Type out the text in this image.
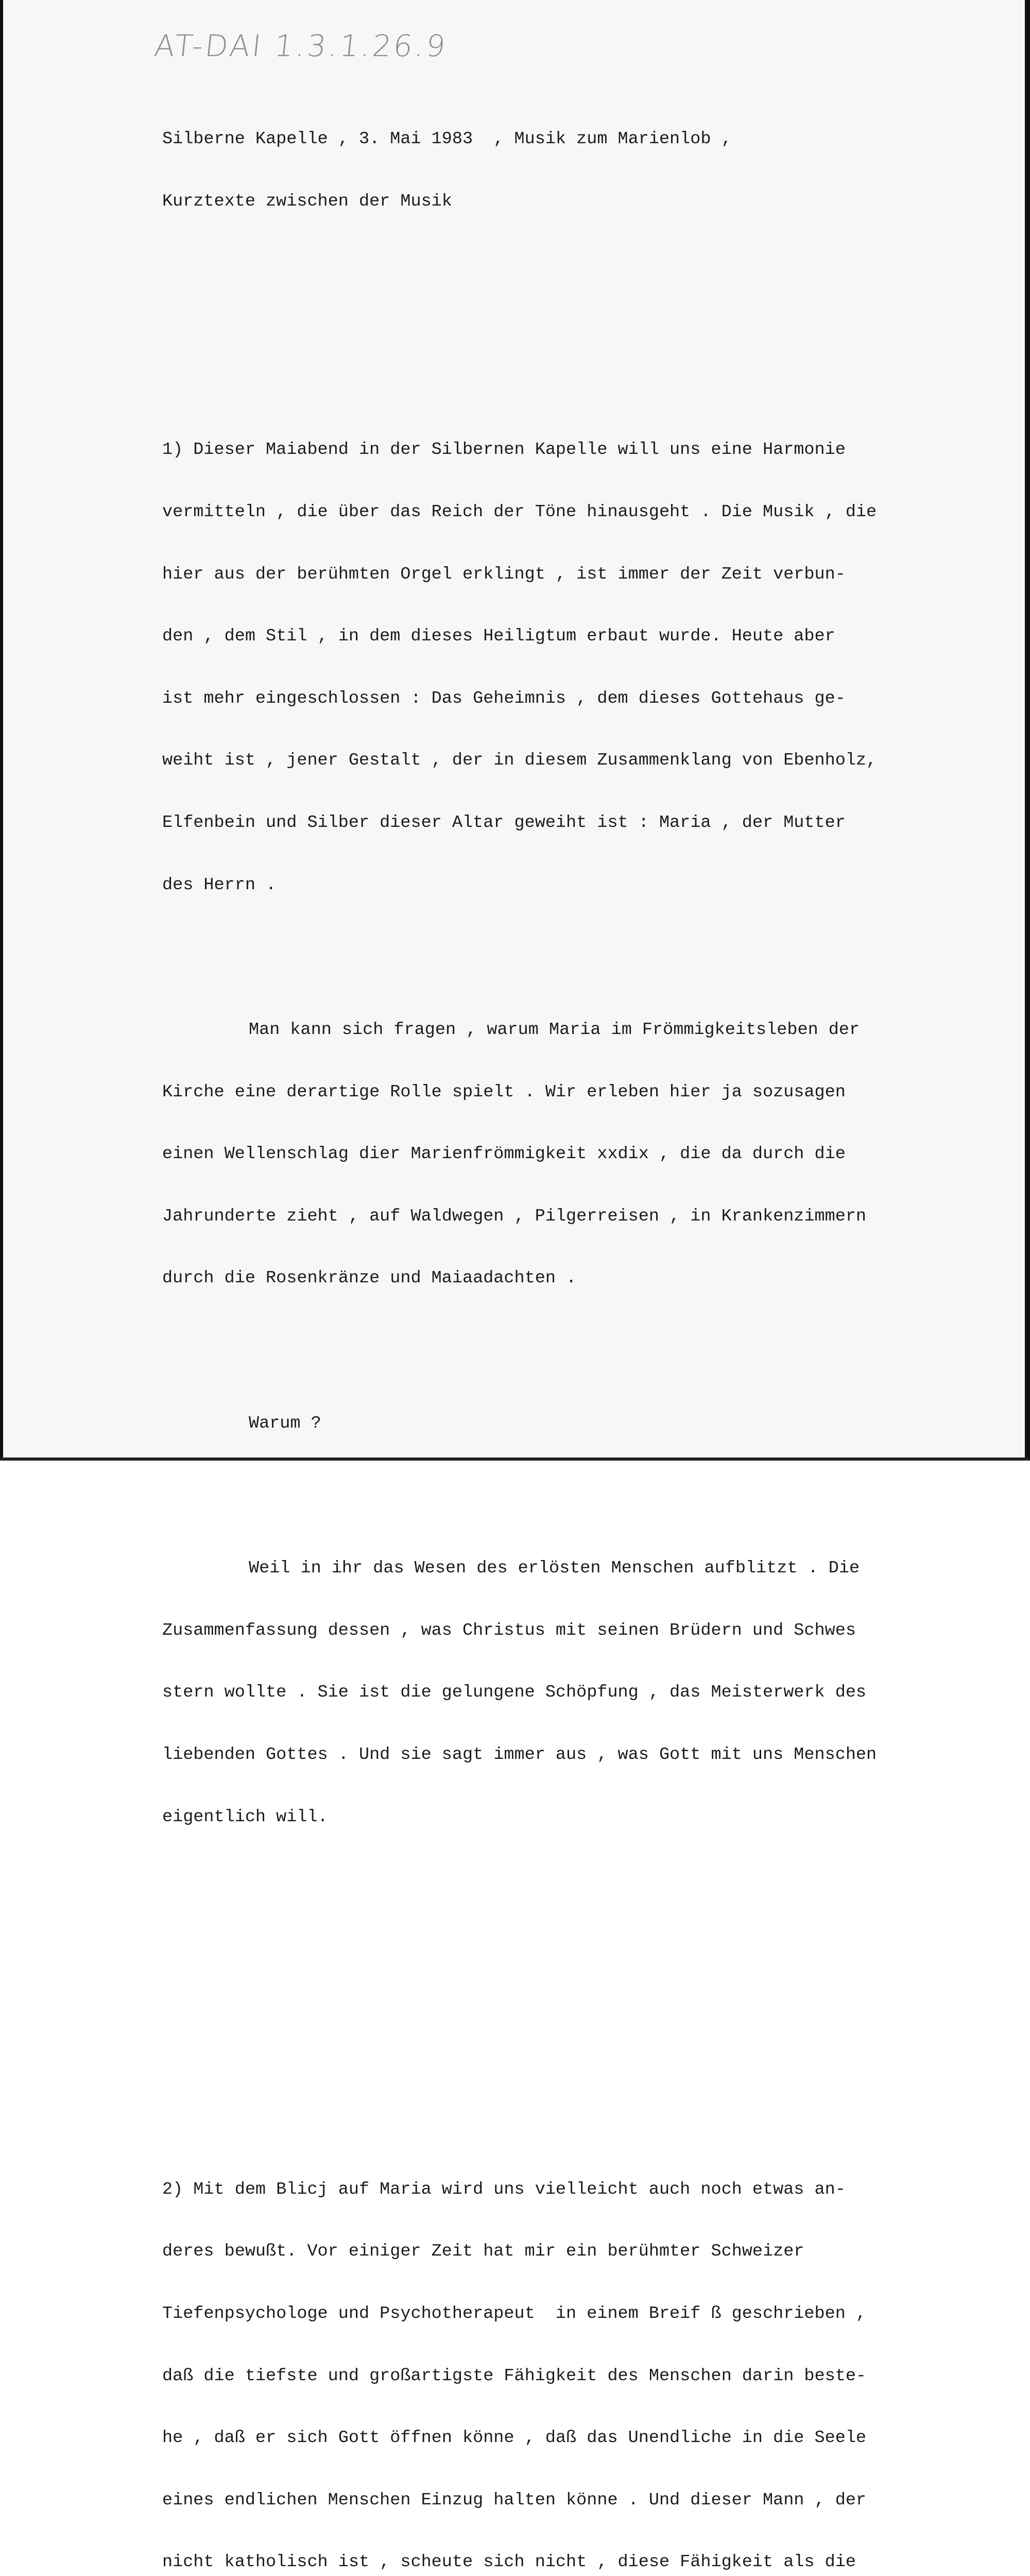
AT-DAI 1.3.1.26.9

Silberne Kapelle , 3. Mai 1983  , Musik zum Marienlob ,

Kurztexte zwischen der Musik

1) Dieser Maiabend in der Silbernen Kapelle will uns eine Harmonie

vermitteln , die über das Reich der Töne hinausgeht . Die Musik , die

hier aus der berühmten Orgel erklingt , ist immer der Zeit verbun-

den , dem Stil , in dem dieses Heiligtum erbaut wurde. Heute aber

ist mehr eingeschlossen : Das Geheimnis , dem dieses Gottehaus ge-

weiht ist , jener Gestalt , der in diesem Zusammenklang von Ebenholz,

Elfenbein und Silber dieser Altar geweiht ist : Maria , der Mutter

des Herrn .

Man kann sich fragen , warum Maria im Frömmigkeitsleben der

Kirche eine derartige Rolle spielt . Wir erleben hier ja sozusagen

einen Wellenschlag dier Marienfrömmigkeit xxdix , die da durch die

Jahrunderte zieht , auf Waldwegen , Pilgerreisen , in Krankenzimmern

durch die Rosenkränze und Maiaadachten .

Warum ?

Weil in ihr das Wesen des erlösten Menschen aufblitzt . Die

Zusammenfassung dessen , was Christus mit seinen Brüdern und Schwes

stern wollte . Sie ist die gelungene Schöpfung , das Meisterwerk des

liebenden Gottes . Und sie sagt immer aus , was Gott mit uns Menschen

eigentlich will.

2) Mit dem Blicj auf Maria wird uns vielleicht auch noch etwas an-

deres bewußt. Vor einiger Zeit hat mir ein berühmter Schweizer

Tiefenpsychologe und Psychotherapeut  in einem Breif ß geschrieben ,

daß die tiefste und großartigste Fähigkeit des Menschen darin beste-

he , daß er sich Gott öffnen könne , daß das Unendliche in die Seele

eines endlichen Menschen Einzug halten könne . Und dieser Mann , der

nicht katholisch ist , scheute sich nicht , diese Fähigkeit als die
